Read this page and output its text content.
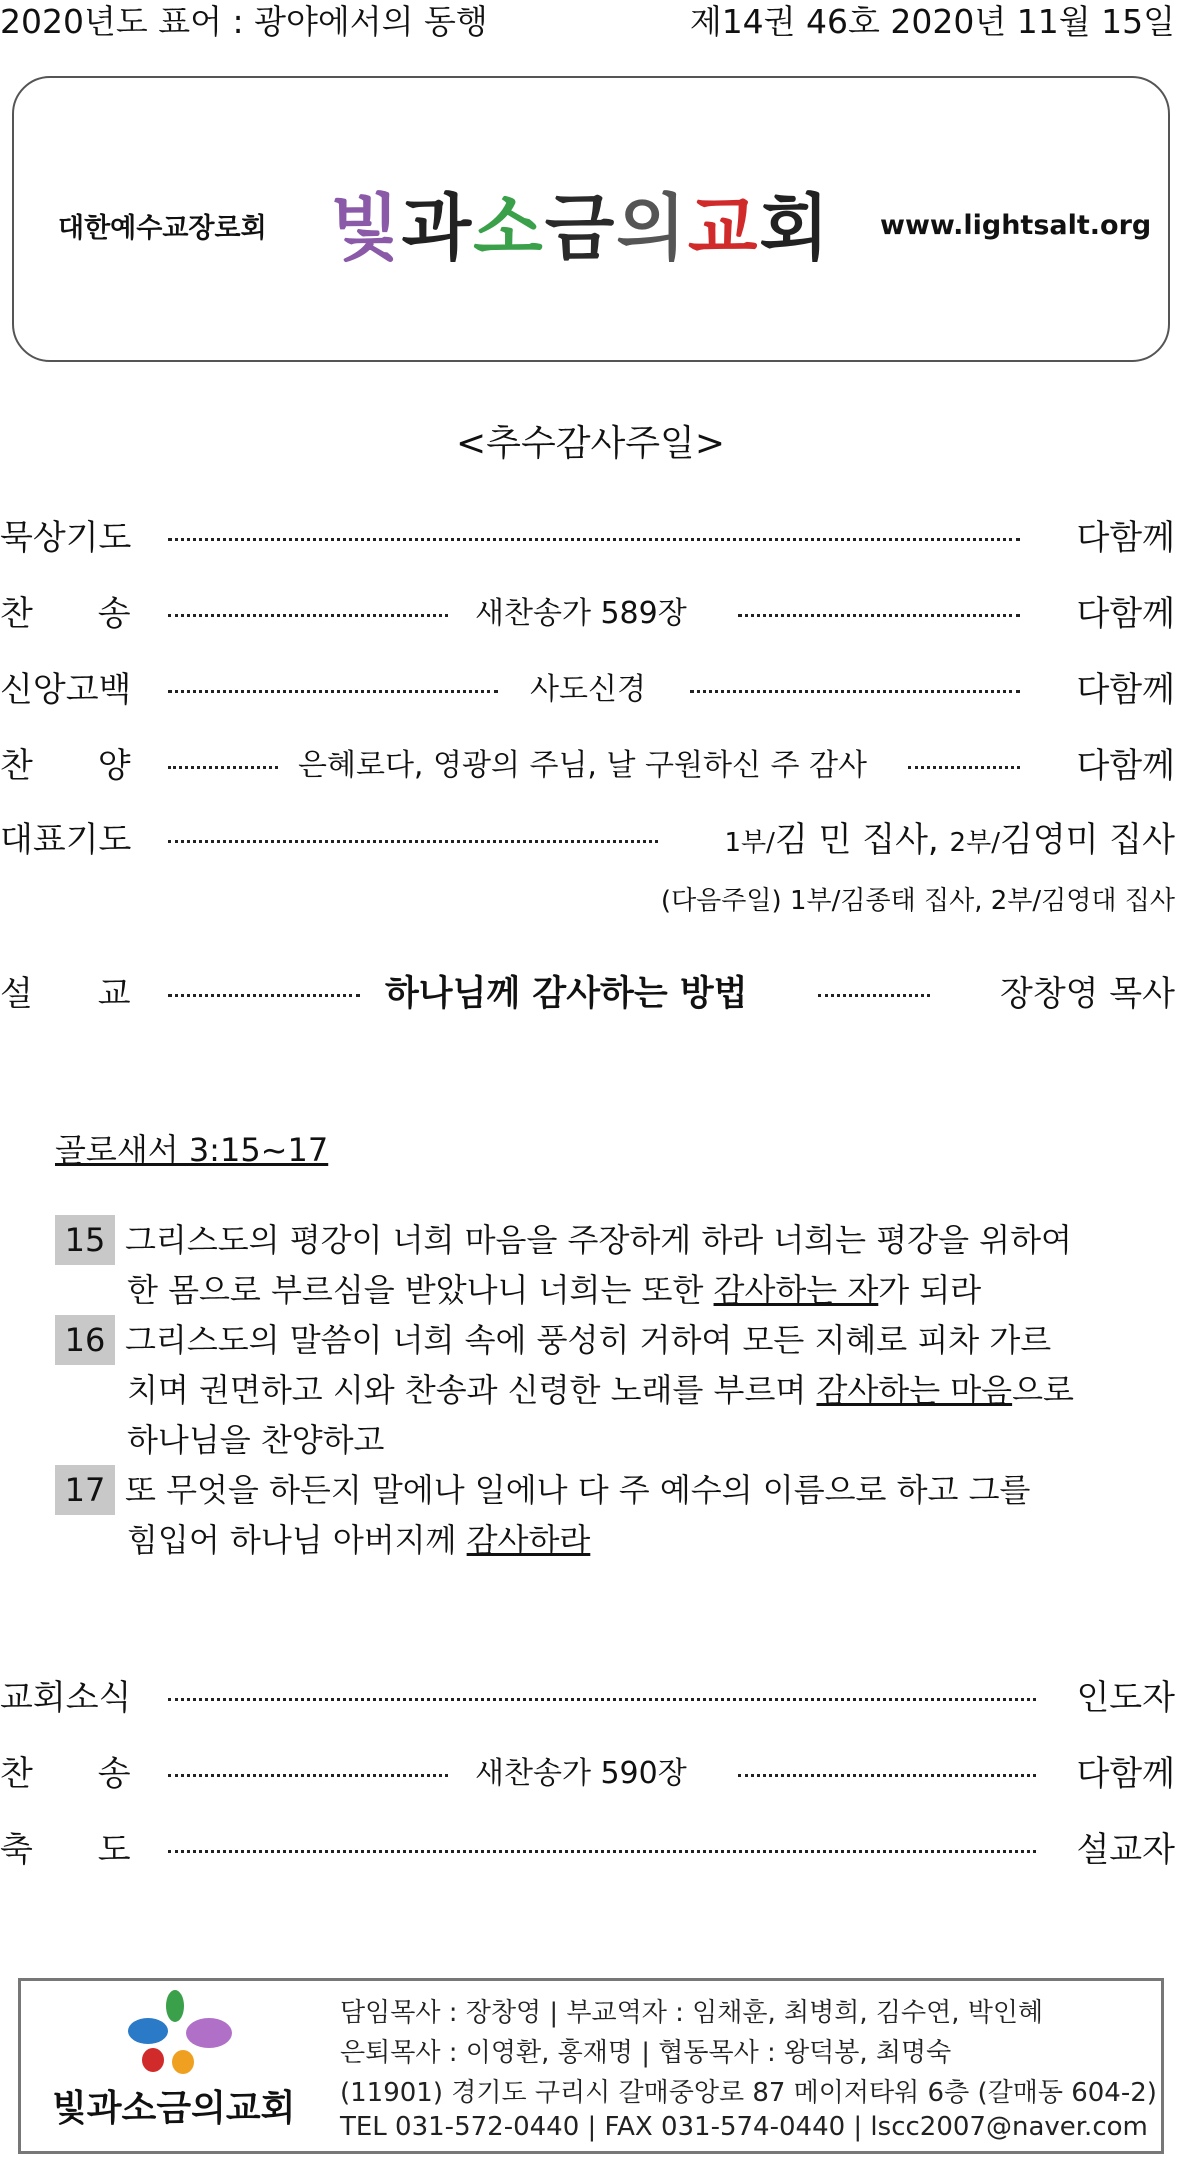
2020년도 표어 : 광야에서의 동행	제14권 46호 2020년 11월 15일
대한예수교장로회 빛과소금의교회 www.lightsalt.org
<추수감사주일>
묵상기도	다함께
찬      송	새찬송가 589장	다함께
신앙고백	사도신경	다함께
찬      양	은혜로다, 영광의 주님, 날 구원하신 주 감사	다함께
대표기도	1부/김 민 집사, 2부/김영미 집사
(다음주일) 1부/김종태 집사, 2부/김영대 집사
설      교	하나님께 감사하는 방법	장창영 목사
골로새서 3:15~17
15 그리스도의 평강이 너희 마음을 주장하게 하라 너희는 평강을 위하여
한 몸으로 부르심을 받았나니 너희는 또한 감사하는 자가 되라
16 그리스도의 말씀이 너희 속에 풍성히 거하여 모든 지혜로 피차 가르
치며 권면하고 시와 찬송과 신령한 노래를 부르며 감사하는 마음으로
하나님을 찬양하고
17 또 무엇을 하든지 말에나 일에나 다 주 예수의 이름으로 하고 그를
힘입어 하나님 아버지께 감사하라
교회소식	인도자
찬      송	새찬송가 590장	다함께
축      도	설교자
빛과소금의교회
담임목사 : 장창영 | 부교역자 : 임채훈, 최병희, 김수연, 박인혜
은퇴목사 : 이영환, 홍재명 | 협동목사 : 왕덕봉, 최명숙
(11901) 경기도 구리시 갈매중앙로 87 메이저타워 6층 (갈매동 604-2)
TEL 031-572-0440 | FAX 031-574-0440 | lscc2007@naver.com
